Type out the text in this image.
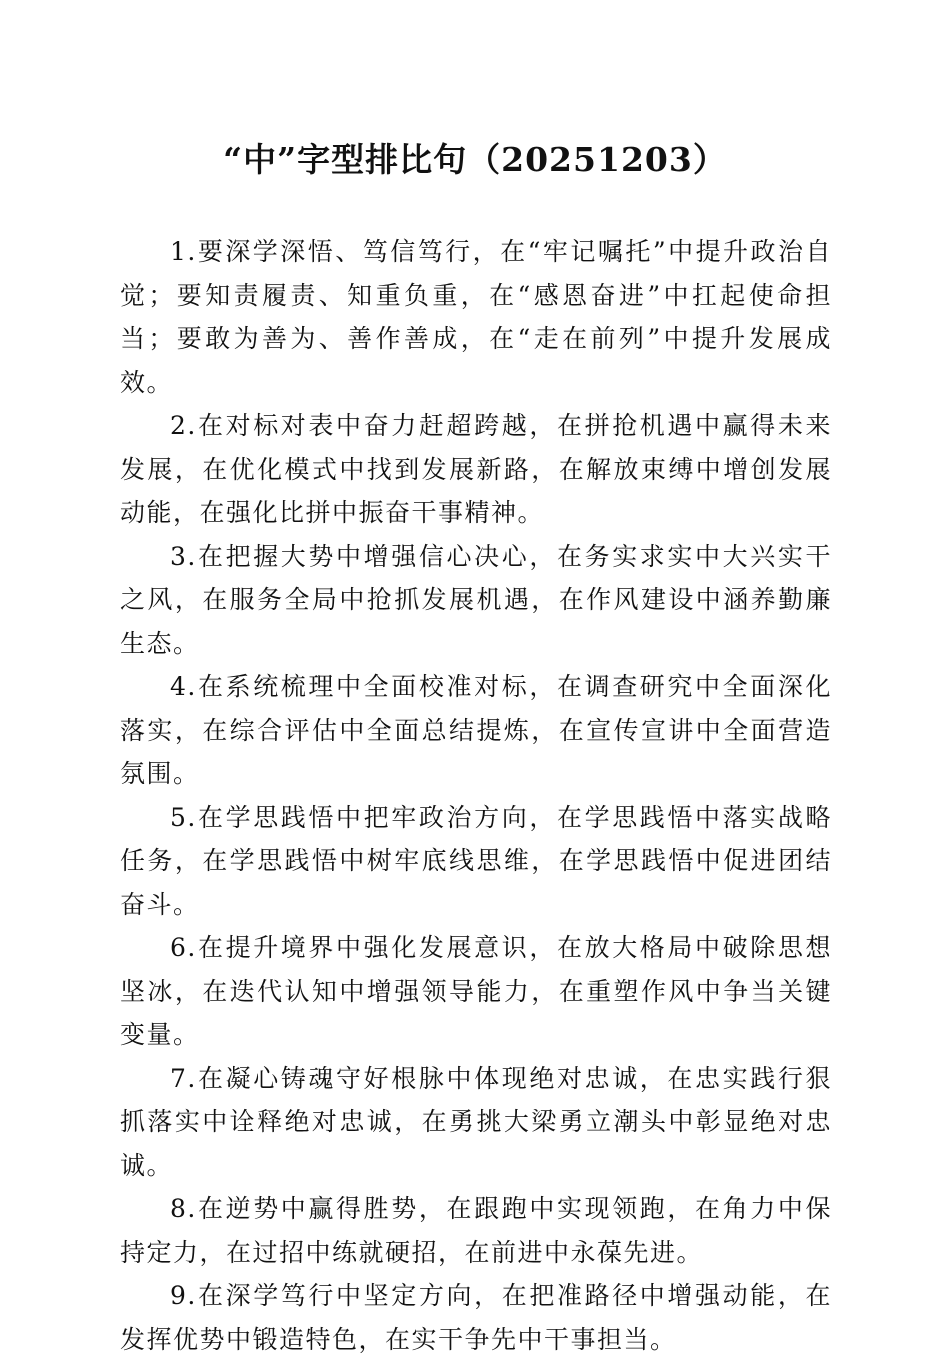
“中”字型排比句（20251203）

1.要深学深悟、笃信笃行，在“牢记嘱托”中提升政治自觉；要知责履责、知重负重，在“感恩奋进”中扛起使命担当；要敢为善为、善作善成，在“走在前列”中提升发展成效。

2.在对标对表中奋力赶超跨越，在拼抢机遇中赢得未来发展，在优化模式中找到发展新路，在解放束缚中增创发展动能，在强化比拼中振奋干事精神。

3.在把握大势中增强信心决心，在务实求实中大兴实干之风，在服务全局中抢抓发展机遇，在作风建设中涵养勤廉生态。

4.在系统梳理中全面校准对标，在调查研究中全面深化落实，在综合评估中全面总结提炼，在宣传宣讲中全面营造氛围。

5.在学思践悟中把牢政治方向，在学思践悟中落实战略任务，在学思践悟中树牢底线思维，在学思践悟中促进团结奋斗。

6.在提升境界中强化发展意识，在放大格局中破除思想坚冰，在迭代认知中增强领导能力，在重塑作风中争当关键变量。

7.在凝心铸魂守好根脉中体现绝对忠诚，在忠实践行狠抓落实中诠释绝对忠诚，在勇挑大梁勇立潮头中彰显绝对忠诚。

8.在逆势中赢得胜势，在跟跑中实现领跑，在角力中保持定力，在过招中练就硬招，在前进中永葆先进。

9.在深学笃行中坚定方向，在把准路径中增强动能，在发挥优势中锻造特色，在实干争先中干事担当。
